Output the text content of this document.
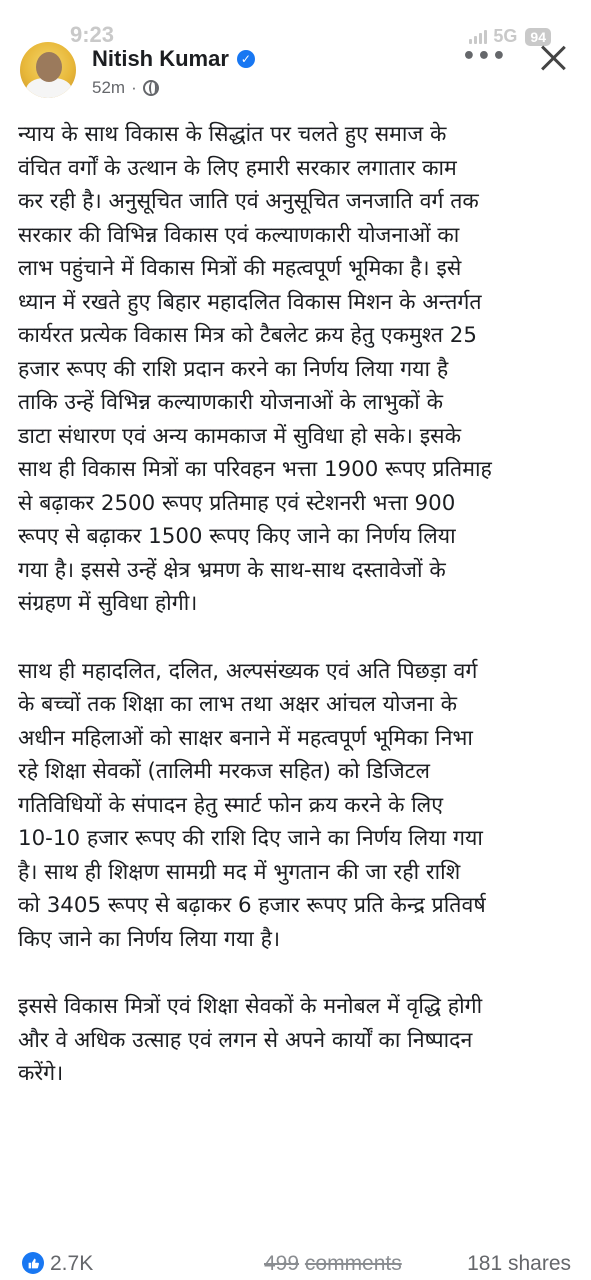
9:23	5G 94
Nitish Kumar ✓
52m ·
•••
न्याय के साथ विकास के सिद्धांत पर चलते हुए समाज के
वंचित वर्गों के उत्थान के लिए हमारी सरकार लगातार काम
कर रही है। अनुसूचित जाति एवं अनुसूचित जनजाति वर्ग तक
सरकार की विभिन्न विकास एवं कल्याणकारी योजनाओं का
लाभ पहुंचाने में विकास मित्रों की महत्वपूर्ण भूमिका है। इसे
ध्यान में रखते हुए बिहार महादलित विकास मिशन के अन्तर्गत
कार्यरत प्रत्येक विकास मित्र को टैबलेट क्रय हेतु एकमुश्त 25
हजार रूपए की राशि प्रदान करने का निर्णय लिया गया है
ताकि उन्हें विभिन्न कल्याणकारी योजनाओं के लाभुकों के
डाटा संधारण एवं अन्य कामकाज में सुविधा हो सके। इसके
साथ ही विकास मित्रों का परिवहन भत्ता 1900 रूपए प्रतिमाह
से बढ़ाकर 2500 रूपए प्रतिमाह एवं स्टेशनरी भत्ता 900
रूपए से बढ़ाकर 1500 रूपए किए जाने का निर्णय लिया
गया है। इससे उन्हें क्षेत्र भ्रमण के साथ-साथ दस्तावेजों के
संग्रहण में सुविधा होगी।
साथ ही महादलित, दलित, अल्पसंख्यक एवं अति पिछड़ा वर्ग
के बच्चों तक शिक्षा का लाभ तथा अक्षर आंचल योजना के
अधीन महिलाओं को साक्षर बनाने में महत्वपूर्ण भूमिका निभा
रहे शिक्षा सेवकों (तालिमी मरकज सहित) को डिजिटल
गतिविधियों के संपादन हेतु स्मार्ट फोन क्रय करने के लिए
10-10 हजार रूपए की राशि दिए जाने का निर्णय लिया गया
है। साथ ही शिक्षण सामग्री मद में भुगतान की जा रही राशि
को 3405 रूपए से बढ़ाकर 6 हजार रूपए प्रति केन्द्र प्रतिवर्ष
किए जाने का निर्णय लिया गया है।
इससे विकास मित्रों एवं शिक्षा सेवकों के मनोबल में वृद्धि होगी
और वे अधिक उत्साह एवं लगन से अपने कार्यों का निष्पादन
करेंगे।
2.7K	499 comments	181 shares
